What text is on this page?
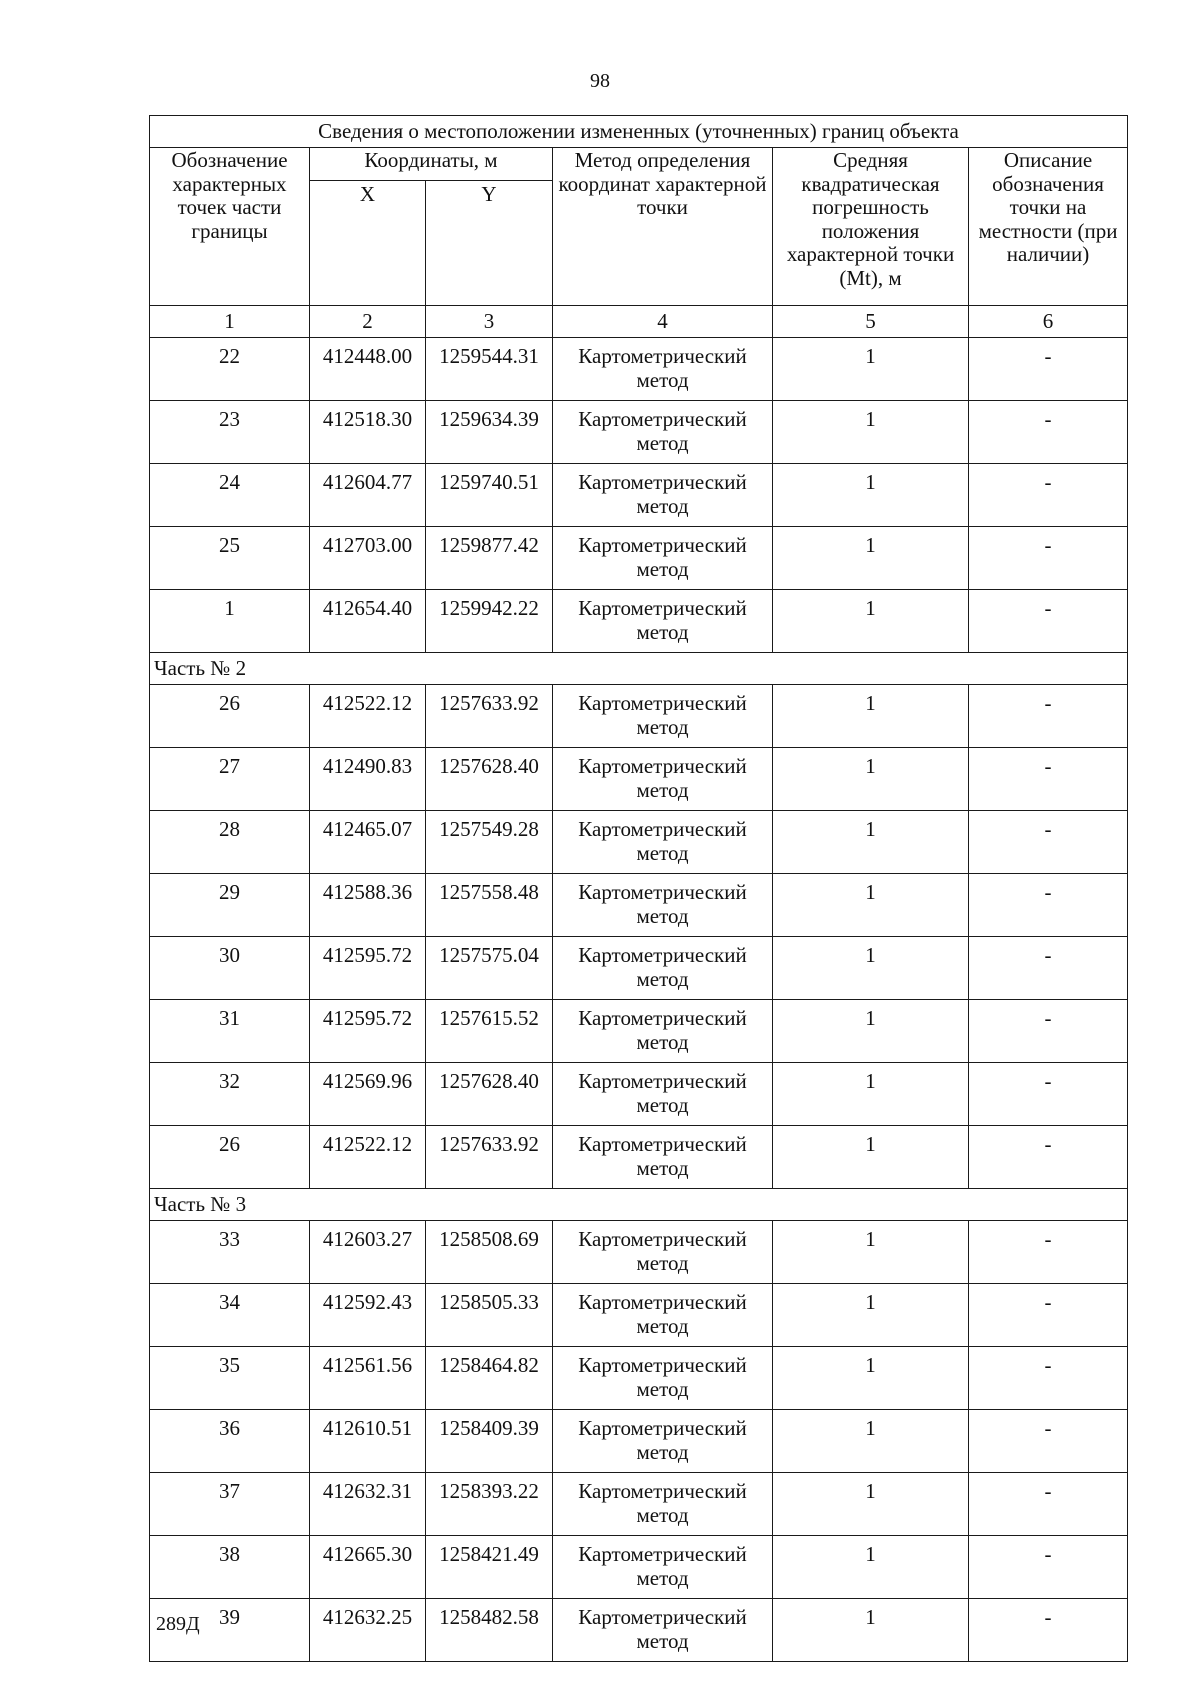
98
Сведения о местоположении измененных (уточненных) границ объекта					
Обозначение характерных точек части границы	Координаты, м		Метод определения координат характерной точки	Средняя квадратическая погрешность положения характерной точки (Mt), м	Описание обозначения точки на местности (при наличии)
	X	Y			
1	2	3	4	5	6
22	412448.00	1259544.31	Картометрический метод	1	-
23	412518.30	1259634.39	Картометрический метод	1	-
24	412604.77	1259740.51	Картометрический метод	1	-
25	412703.00	1259877.42	Картометрический метод	1	-
1	412654.40	1259942.22	Картометрический метод	1	-
Часть № 2					
26	412522.12	1257633.92	Картометрический метод	1	-
27	412490.83	1257628.40	Картометрический метод	1	-
28	412465.07	1257549.28	Картометрический метод	1	-
29	412588.36	1257558.48	Картометрический метод	1	-
30	412595.72	1257575.04	Картометрический метод	1	-
31	412595.72	1257615.52	Картометрический метод	1	-
32	412569.96	1257628.40	Картометрический метод	1	-
26	412522.12	1257633.92	Картометрический метод	1	-
Часть № 3					
33	412603.27	1258508.69	Картометрический метод	1	-
34	412592.43	1258505.33	Картометрический метод	1	-
35	412561.56	1258464.82	Картометрический метод	1	-
36	412610.51	1258409.39	Картометрический метод	1	-
37	412632.31	1258393.22	Картометрический метод	1	-
38	412665.30	1258421.49	Картометрический метод	1	-
39	412632.25	1258482.58	Картометрический метод	1	-
289Д
